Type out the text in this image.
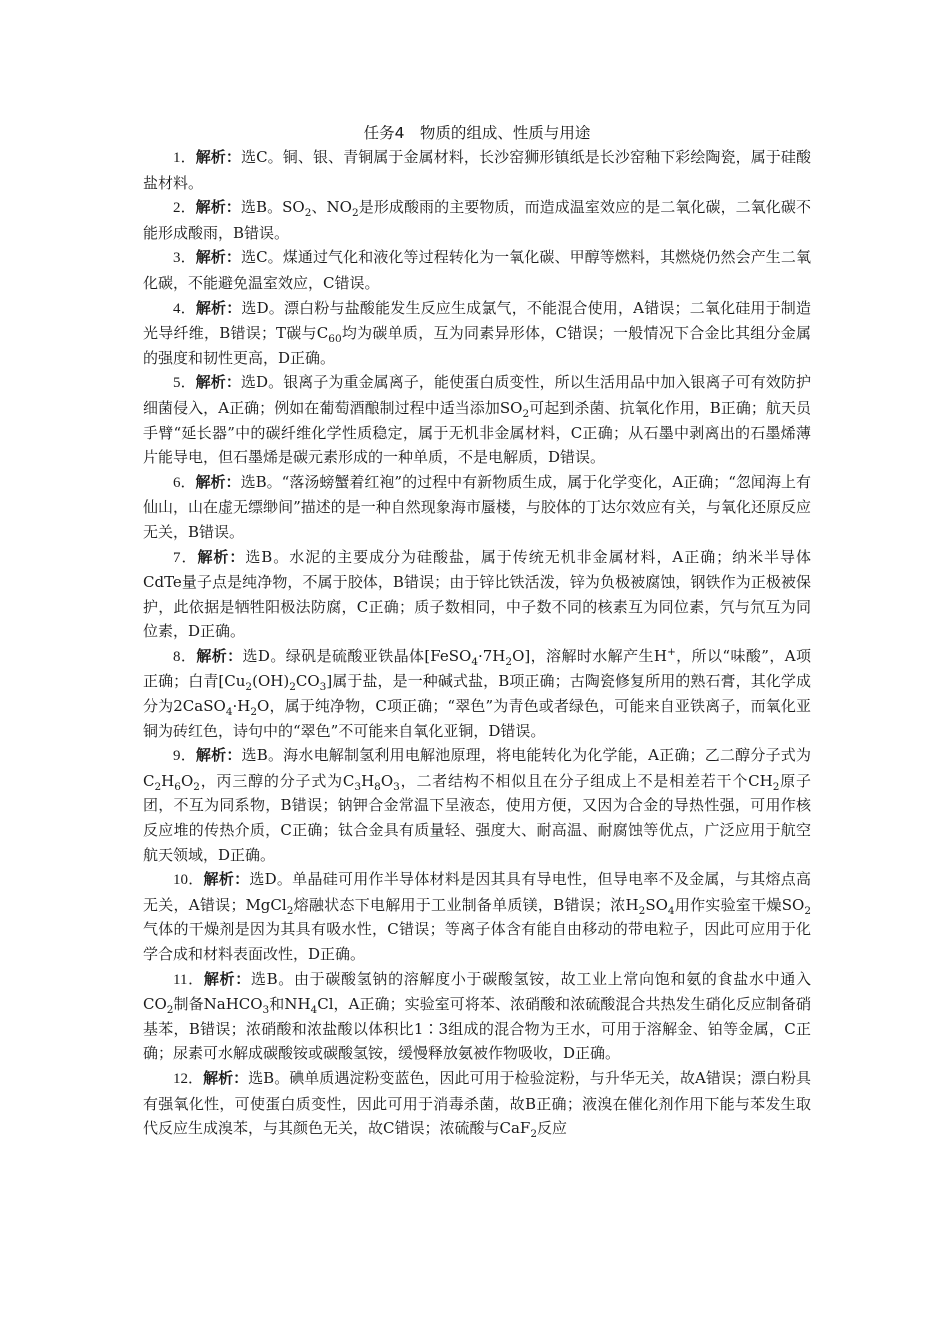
任务4　物质的组成、性质与用途

1．解析：选C。铜、银、青铜属于金属材料，长沙窑狮形镇纸是长沙窑釉下彩绘陶瓷，属于硅酸盐材料。

2．解析：选B。$SO_2$、$NO_2$是形成酸雨的主要物质，而造成温室效应的是二氧化碳，二氧化碳不能形成酸雨，B错误。

3．解析：选C。煤通过气化和液化等过程转化为一氧化碳、甲醇等燃料，其燃烧仍然会产生二氧化碳，不能避免温室效应，C错误。

4．解析：选D。漂白粉与盐酸能发生反应生成氯气，不能混合使用，A错误；二氧化硅用于制造光导纤维，B错误；T碳与$C_{60}$均为碳单质，互为同素异形体，C错误；一般情况下合金比其组分金属的强度和韧性更高，D正确。

5．解析：选D。银离子为重金属离子，能使蛋白质变性，所以生活用品中加入银离子可有效防护细菌侵入，A正确；例如在葡萄酒酿制过程中适当添加$SO_2$可起到杀菌、抗氧化作用，B正确；航天员手臂“延长器”中的碳纤维化学性质稳定，属于无机非金属材料，C正确；从石墨中剥离出的石墨烯薄片能导电，但石墨烯是碳元素形成的一种单质，不是电解质，D错误。

6．解析：选B。“落汤螃蟹着红袍”的过程中有新物质生成，属于化学变化，A正确；“忽闻海上有仙山，山在虚无缥缈间”描述的是一种自然现象海市蜃楼，与胶体的丁达尔效应有关，与氧化还原反应无关，B错误。

7．解析：选B。水泥的主要成分为硅酸盐，属于传统无机非金属材料，A正确；纳米半导体CdTe量子点是纯净物，不属于胶体，B错误；由于锌比铁活泼，锌为负极被腐蚀，钢铁作为正极被保护，此依据是牺牲阳极法防腐，C正确；质子数相同，中子数不同的核素互为同位素，氕与氘互为同位素，D正确。

8．解析：选D。绿矾是硫酸亚铁晶体$[FeSO_4\cdot 7H_2O]$，溶解时水解产生H+，所以“味酸”，A项正确；白青$[Cu_2(OH)_2CO_3]$属于盐，是一种碱式盐，B项正确；古陶瓷修复所用的熟石膏，其化学成分为$2CaSO_4\cdot H_2O$，属于纯净物，C项正确；“翠色”为青色或者绿色，可能来自亚铁离子，而氧化亚铜为砖红色，诗句中的“翠色”不可能来自氧化亚铜，D错误。

9．解析：选B。海水电解制氢利用电解池原理，将电能转化为化学能，A正确；乙二醇分子式为$C_2H_6O_2$，丙三醇的分子式为$C_3H_8O_3$，二者结构不相似且在分子组成上不是相差若干个$CH_2$原子团，不互为同系物，B错误；钠钾合金常温下呈液态，使用方便，又因为合金的导热性强，可用作核反应堆的传热介质，C正确；钛合金具有质量轻、强度大、耐高温、耐腐蚀等优点，广泛应用于航空航天领域，D正确。

10．解析：选D。单晶硅可用作半导体材料是因其具有导电性，但导电率不及金属，与其熔点高无关，A错误；MgCl$_2$熔融状态下电解用于工业制备单质镁，B错误；浓$H_2SO_4$用作实验室干燥$SO_2$气体的干燥剂是因为其具有吸水性，C错误；等离子体含有能自由移动的带电粒子，因此可应用于化学合成和材料表面改性，D正确。

11．解析：选B。由于碳酸氢钠的溶解度小于碳酸氢铵，故工业上常向饱和氨的食盐水中通入$CO_2$制备NaHCO$_3$和$NH_4Cl$，A正确；实验室可将苯、浓硝酸和浓硫酸混合共热发生硝化反应制备硝基苯，B错误；浓硝酸和浓盐酸以体积比1∶3组成的混合物为王水，可用于溶解金、铂等金属，C正确；尿素可水解成碳酸铵或碳酸氢铵，缓慢释放氨被作物吸收，D正确。

12．解析：选B。碘单质遇淀粉变蓝色，因此可用于检验淀粉，与升华无关，故A错误；漂白粉具有强氧化性，可使蛋白质变性，因此可用于消毒杀菌，故B正确；液溴在催化剂作用下能与苯发生取代反应生成溴苯，与其颜色无关，故C错误；浓硫酸与CaF$_2$反应
